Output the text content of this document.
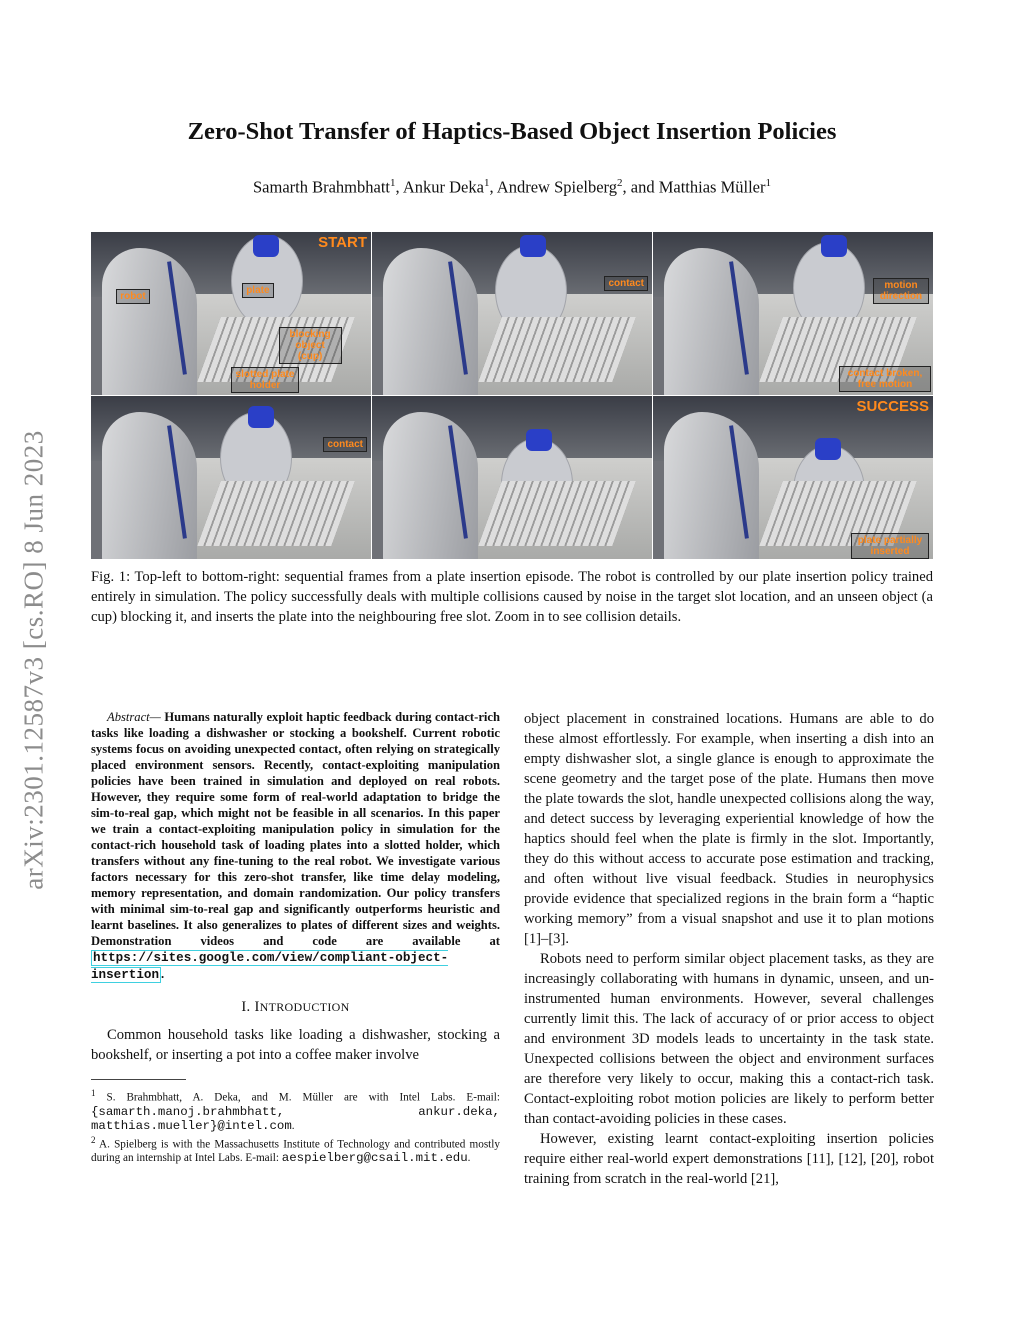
arXiv:2301.12587v3 [cs.RO] 8 Jun 2023
Zero-Shot Transfer of Haptics-Based Object Insertion Policies
Samarth Brahmbhatt$^1$, Ankur Deka$^1$, Andrew Spielberg$^2$, and Matthias Müller$^1$
START
plate
robot
blocking object (cup)
slotted plate holder
contact	motion direction
contact broken, free motion
contact
SUCCESS
plate partially inserted
Fig. 1: Top-left to bottom-right: sequential frames from a plate insertion episode. The robot is controlled by our plate insertion policy trained entirely in simulation. The policy successfully deals with multiple collisions caused by noise in the target slot location, and an unseen object (a cup) blocking it, and inserts the plate into the neighbouring free slot. Zoom in to see collision details.

Abstract— Humans naturally exploit haptic feedback during contact-rich tasks like loading a dishwasher or stocking a bookshelf. Current robotic systems focus on avoiding unexpected contact, often relying on strategically placed environment sensors. Recently, contact-exploiting manipulation policies have been trained in simulation and deployed on real robots. However, they require some form of real-world adaptation to bridge the sim-to-real gap, which might not be feasible in all scenarios. In this paper we train a contact-exploiting manipulation policy in simulation for the contact-rich household task of loading plates into a slotted holder, which transfers without any fine-tuning to the real robot. We investigate various factors necessary for this zero-shot transfer, like time delay modeling, memory representation, and domain randomization. Our policy transfers with minimal sim-to-real gap and significantly outperforms heuristic and learnt baselines. It also generalizes to plates of different sizes and weights. Demonstration videos and code are available at https://sites.google.com/view/compliant-object-insertion .

I. INTRODUCTION

Common household tasks like loading a dishwasher, stocking a bookshelf, or inserting a pot into a coffee maker involve

$^1$ S. Brahmbhatt, A. Deka, and M. Müller are with Intel Labs. E-mail: {samarth.manoj.brahmbhatt, ankur.deka, matthias.mueller}@intel.com.

$^2$ A. Spielberg is with the Massachusetts Institute of Technology and contributed mostly during an internship at Intel Labs. E-mail: aespielberg@csail.mit.edu.

object placement in constrained locations. Humans are able to do these almost effortlessly. For example, when inserting a dish into an empty dishwasher slot, a single glance is enough to approximate the scene geometry and the target pose of the plate. Humans then move the plate towards the slot, handle unexpected collisions along the way, and detect success by leveraging experiential knowledge of how the haptics should feel when the plate is firmly in the slot. Importantly, they do this without access to accurate pose estimation and tracking, and often without live visual feedback. Studies in neurophysics provide evidence that specialized regions in the brain form a “haptic working memory” from a visual snapshot and use it to plan motions [1]–[3].

Robots need to perform similar object placement tasks, as they are increasingly collaborating with humans in dynamic, unseen, and un-instrumented human environments. However, several challenges currently limit this. The lack of accuracy of or prior access to object and environment 3D models leads to uncertainty in the task state. Unexpected collisions between the object and environment surfaces are therefore very likely to occur, making this a contact-rich task. Contact-exploiting robot motion policies are likely to perform better than contact-avoiding policies in these cases.

However, existing learnt contact-exploiting insertion policies require either real-world expert demonstrations [11], [12], [20], robot training from scratch in the real-world [21],
